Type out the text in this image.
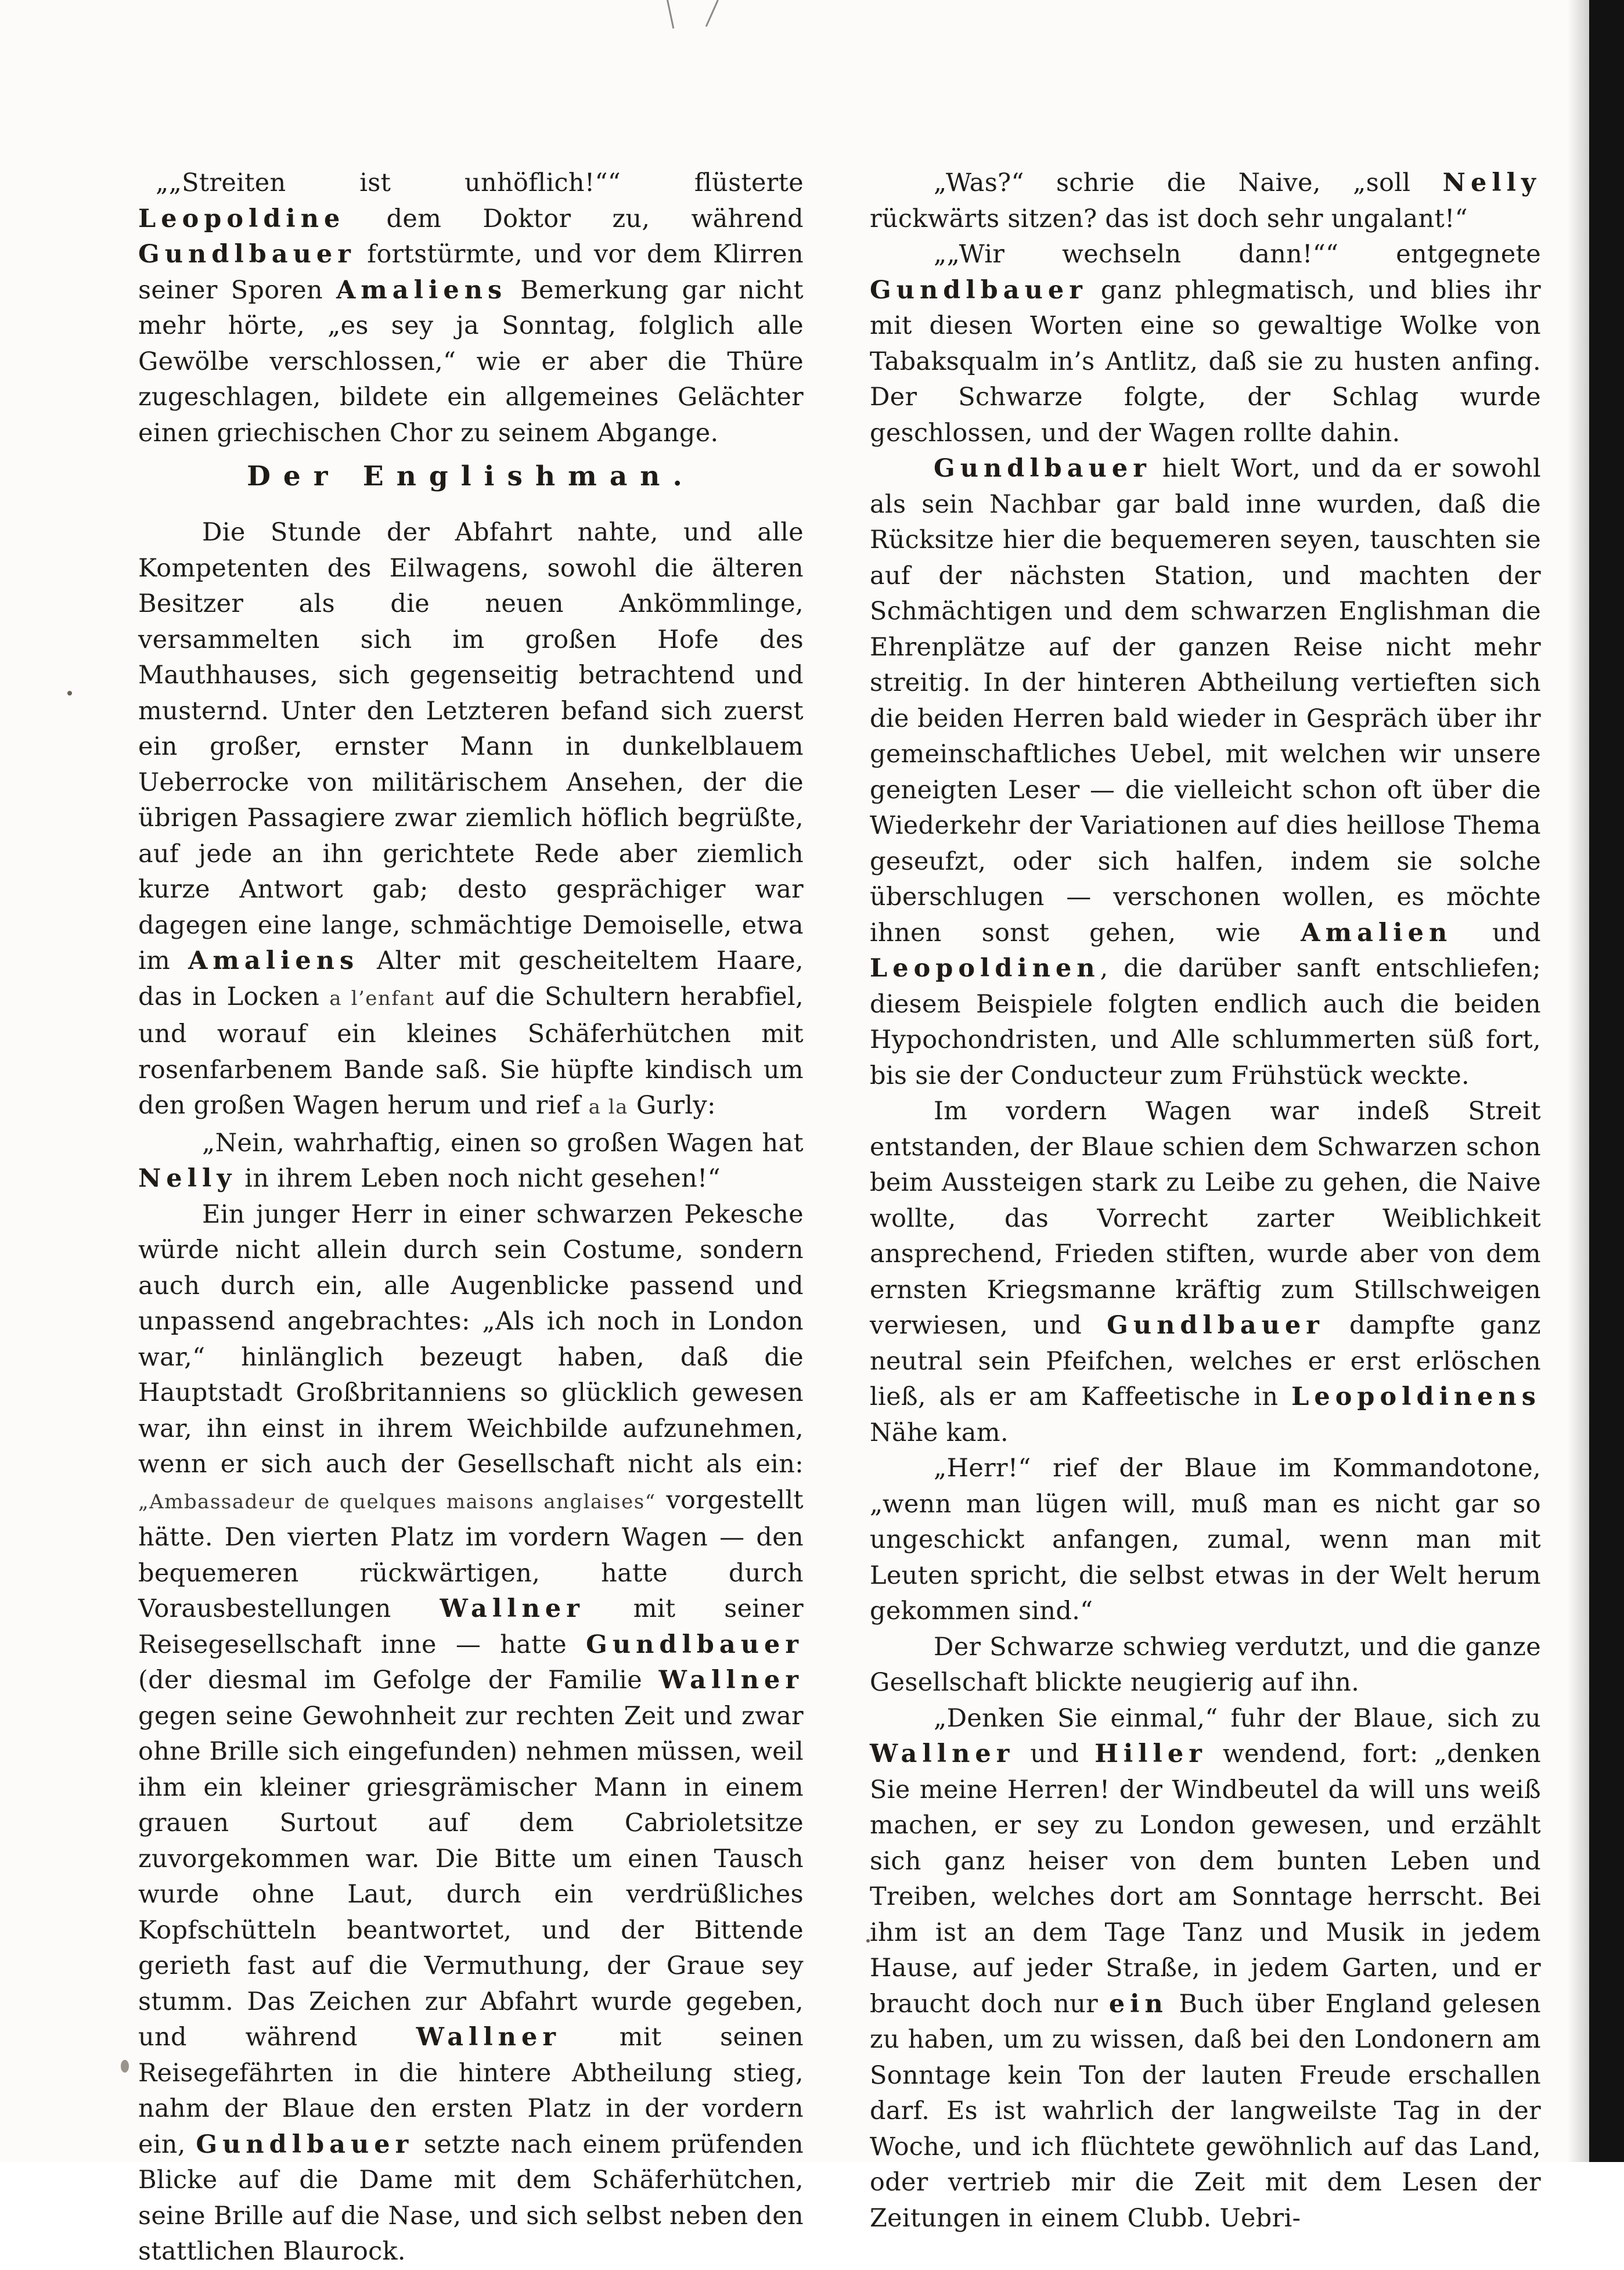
„„Streiten ist unhöflich!““ flüsterte Leopoldine dem Doktor zu, während Gundlbauer fortstürmte, und vor dem Klirren seiner Sporen Amaliens Bemerkung gar nicht mehr hörte, „es sey ja Sonntag, folglich alle Gewölbe verschlossen,“ wie er aber die Thüre zugeschlagen, bildete ein allgemeines Gelächter einen griechischen Chor zu seinem Abgange.

Der Englishman.

Die Stunde der Abfahrt nahte, und alle Kompetenten des Eilwagens, sowohl die älteren Besitzer als die neuen Ankömmlinge, versammelten sich im großen Hofe des Mauthhauses, sich gegenseitig betrachtend und musternd. Unter den Letzteren befand sich zuerst ein großer, ernster Mann in dunkelblauem Ueberrocke von militärischem Ansehen, der die übrigen Passagiere zwar ziemlich höflich begrüßte, auf jede an ihn gerichtete Rede aber ziemlich kurze Antwort gab; desto gesprächiger war dagegen eine lange, schmächtige Demoiselle, etwa im Amaliens Alter mit gescheiteltem Haare, das in Locken a l’enfant auf die Schultern herabfiel, und worauf ein kleines Schäferhütchen mit rosenfarbenem Bande saß. Sie hüpfte kindisch um den großen Wagen herum und rief a la Gurly:

„Nein, wahrhaftig, einen so großen Wagen hat Nelly in ihrem Leben noch nicht gesehen!“

Ein junger Herr in einer schwarzen Pekesche würde nicht allein durch sein Costume, sondern auch durch ein, alle Augenblicke passend und unpassend angebrachtes: „Als ich noch in London war,“ hinlänglich bezeugt haben, daß die Hauptstadt Großbritanniens so glücklich gewesen war, ihn einst in ihrem Weichbilde aufzunehmen, wenn er sich auch der Gesellschaft nicht als ein: „Ambassadeur de quelques maisons anglaises“ vorgestellt hätte. Den vierten Platz im vordern Wagen — den bequemeren rückwärtigen, hatte durch Vorausbestellungen Wallner mit seiner Reisegesellschaft inne — hatte Gundlbauer (der diesmal im Gefolge der Familie Wallner gegen seine Gewohnheit zur rechten Zeit und zwar ohne Brille sich eingefunden) nehmen müssen, weil ihm ein kleiner griesgrämischer Mann in einem grauen Surtout auf dem Cabrioletsitze zuvorgekommen war. Die Bitte um einen Tausch wurde ohne Laut, durch ein verdrüßliches Kopfschütteln beantwortet, und der Bittende gerieth fast auf die Vermuthung, der Graue sey stumm. Das Zeichen zur Abfahrt wurde gegeben, und während Wallner mit seinen Reisegefährten in die hintere Abtheilung stieg, nahm der Blaue den ersten Platz in der vordern ein, Gundlbauer setzte nach einem prüfenden Blicke auf die Dame mit dem Schäferhütchen, seine Brille auf die Nase, und sich selbst neben den stattlichen Blaurock.

„Was?“ schrie die Naive, „soll Nelly rückwärts sitzen? das ist doch sehr ungalant!“

„„Wir wechseln dann!““ entgegnete Gundlbauer ganz phlegmatisch, und blies ihr mit diesen Worten eine so gewaltige Wolke von Tabaksqualm in’s Antlitz, daß sie zu husten anfing. Der Schwarze folgte, der Schlag wurde geschlossen, und der Wagen rollte dahin.

Gundlbauer hielt Wort, und da er sowohl als sein Nachbar gar bald inne wurden, daß die Rücksitze hier die bequemeren seyen, tauschten sie auf der nächsten Station, und machten der Schmächtigen und dem schwarzen Englishman die Ehrenplätze auf der ganzen Reise nicht mehr streitig. In der hinteren Abtheilung vertieften sich die beiden Herren bald wieder in Gespräch über ihr gemeinschaftliches Uebel, mit welchen wir unsere geneigten Leser — die vielleicht schon oft über die Wiederkehr der Variationen auf dies heillose Thema geseufzt, oder sich halfen, indem sie solche überschlugen — verschonen wollen, es möchte ihnen sonst gehen, wie Amalien und Leopoldinen, die darüber sanft entschliefen; diesem Beispiele folgten endlich auch die beiden Hypochondristen, und Alle schlummerten süß fort, bis sie der Conducteur zum Frühstück weckte.

Im vordern Wagen war indeß Streit entstanden, der Blaue schien dem Schwarzen schon beim Aussteigen stark zu Leibe zu gehen, die Naive wollte, das Vorrecht zarter Weiblichkeit ansprechend, Frieden stiften, wurde aber von dem ernsten Kriegsmanne kräftig zum Stillschweigen verwiesen, und Gundlbauer dampfte ganz neutral sein Pfeifchen, welches er erst erlöschen ließ, als er am Kaffeetische in Leopoldinens Nähe kam.

„Herr!“ rief der Blaue im Kommandotone, „wenn man lügen will, muß man es nicht gar so ungeschickt anfangen, zumal, wenn man mit Leuten spricht, die selbst etwas in der Welt herum gekommen sind.“

Der Schwarze schwieg verdutzt, und die ganze Gesellschaft blickte neugierig auf ihn.

„Denken Sie einmal,“ fuhr der Blaue, sich zu Wallner und Hiller wendend, fort: „denken Sie meine Herren! der Windbeutel da will uns weiß machen, er sey zu London gewesen, und erzählt sich ganz heiser von dem bunten Leben und Treiben, welches dort am Sonntage herrscht. Bei ihm ist an dem Tage Tanz und Musik in jedem Hause, auf jeder Straße, in jedem Garten, und er braucht doch nur ein Buch über England gelesen zu haben, um zu wissen, daß bei den Londonern am Sonntage kein Ton der lauten Freude erschallen darf. Es ist wahrlich der langweilste Tag in der Woche, und ich flüchtete gewöhnlich auf das Land, oder vertrieb mir die Zeit mit dem Lesen der Zeitungen in einem Clubb. Uebri-
